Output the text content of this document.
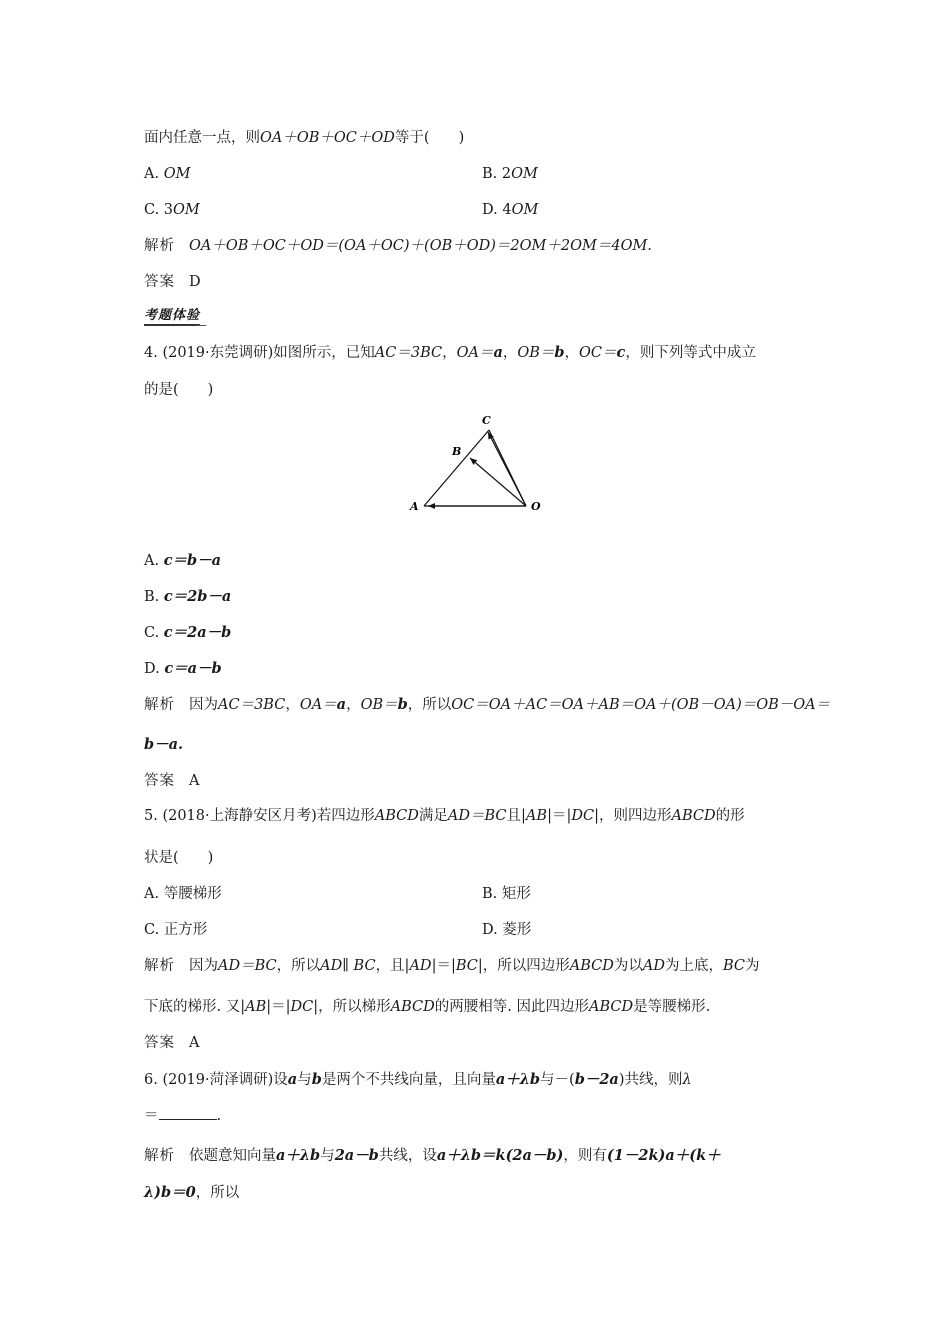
面内任意一点，则OA＋OB＋OC＋OD等于(　　)
A. OM	B. 2OM
C. 3OM	D. 4OM
解析 OA＋OB＋OC＋OD＝(OA＋OC)＋(OB＋OD)＝2OM＋2OM＝4OM.
答案 D
考题体验
4. (2019·东莞调研)如图所示，已知AC＝3BC，OA＝a，OB＝b，OC＝c，则下列等式中成立
的是(　　)
A
B
C
O
A. c＝b－a
B. c＝2b－a
C. c＝2a－b
D. c＝a－b
解析 因为AC＝3BC，OA＝a，OB＝b，所以OC＝OA＋AC＝OA＋AB＝OA＋(OB－OA)＝OB－OA＝
b－a.
答案 A
5. (2018·上海静安区月考)若四边形ABCD满足AD＝BC且|AB|＝|DC|，则四边形ABCD的形
状是(　　)
A. 等腰梯形	B. 矩形
C. 正方形	D. 菱形
解析 因为AD＝BC，所以AD∥ BC，且|AD|＝|BC|，所以四边形ABCD为以AD为上底，BC为
下底的梯形. 又|AB|＝|DC|，所以梯形ABCD的两腰相等. 因此四边形ABCD是等腰梯形.
答案 A
6. (2019·菏泽调研)设a与b是两个不共线向量，且向量a＋λb与－(b－2a)共线，则λ
＝	.
解析 依题意知向量a＋λb与2a－b共线，设a＋λb＝k(2a－b)，则有(1－2k)a＋(k＋
λ)b＝0，所以
